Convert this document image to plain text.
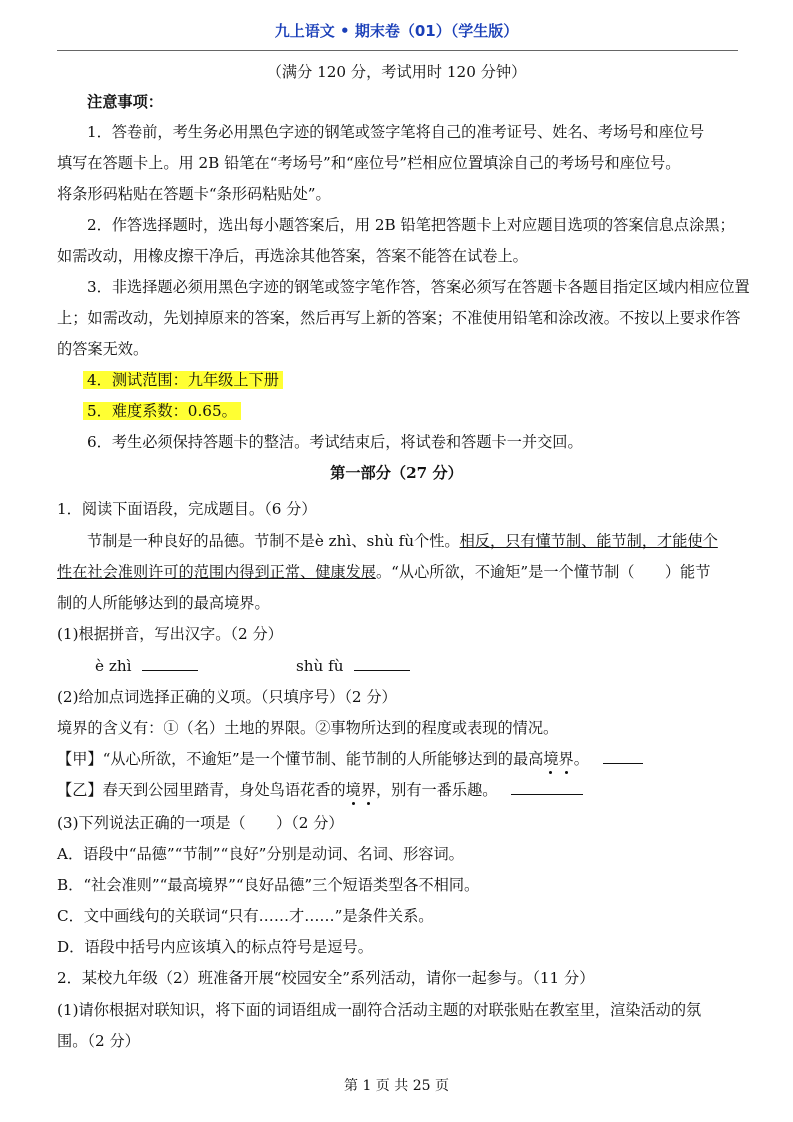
九上语文 • 期末卷（01）（学生版）
（满分 120 分，考试用时 120 分钟）
注意事项：
1．答卷前，考生务必用黑色字迹的钢笔或签字笔将自己的准考证号、姓名、考场号和座位号
填写在答题卡上。用 2B 铅笔在“考场号”和“座位号”栏相应位置填涂自己的考场号和座位号。
将条形码粘贴在答题卡“条形码粘贴处”。
2．作答选择题时，选出每小题答案后，用 2B 铅笔把答题卡上对应题目选项的答案信息点涂黑；
如需改动，用橡皮擦干净后，再选涂其他答案，答案不能答在试卷上。
3．非选择题必须用黑色字迹的钢笔或签字笔作答，答案必须写在答题卡各题目指定区域内相应位置
上；如需改动，先划掉原来的答案，然后再写上新的答案；不准使用铅笔和涂改液。不按以上要求作答
的答案无效。
4．测试范围：九年级上下册
5．难度系数：0.65。
6．考生必须保持答题卡的整洁。考试结束后，将试卷和答题卡一并交回。
第一部分（27 分）
1．阅读下面语段，完成题目。（6 分）
节制是一种良好的品德。节制不是è zhì、shù fù个性。相反，只有懂节制、能节制，才能使个
性在社会准则许可的范围内得到正常、健康发展。“从心所欲，不逾矩”是一个懂节制（　　）能节
制的人所能够达到的最高境界。
(1)根据拼音，写出汉字。（2 分）
è zhì	shù fù
(2)给加点词选择正确的义项。（只填序号）（2 分）
境界的含义有：①（名）土地的界限。②事物所达到的程度或表现的情况。
【甲】“从心所欲，不逾矩”是一个懂节制、能节制的人所能够达到的最高境界。
【乙】春天到公园里踏青，身处鸟语花香的境界，别有一番乐趣。
(3)下列说法正确的一项是（　　）（2 分）
A．语段中“品德”“节制”“良好”分别是动词、名词、形容词。
B．“社会准则”“最高境界”“良好品德”三个短语类型各不相同。
C．文中画线句的关联词“只有……才……”是条件关系。
D．语段中括号内应该填入的标点符号是逗号。
2．某校九年级（2）班准备开展“校园安全”系列活动，请你一起参与。（11 分）
(1)请你根据对联知识，将下面的词语组成一副符合活动主题的对联张贴在教室里，渲染活动的氛
围。（2 分）
第 1 页 共 25 页
